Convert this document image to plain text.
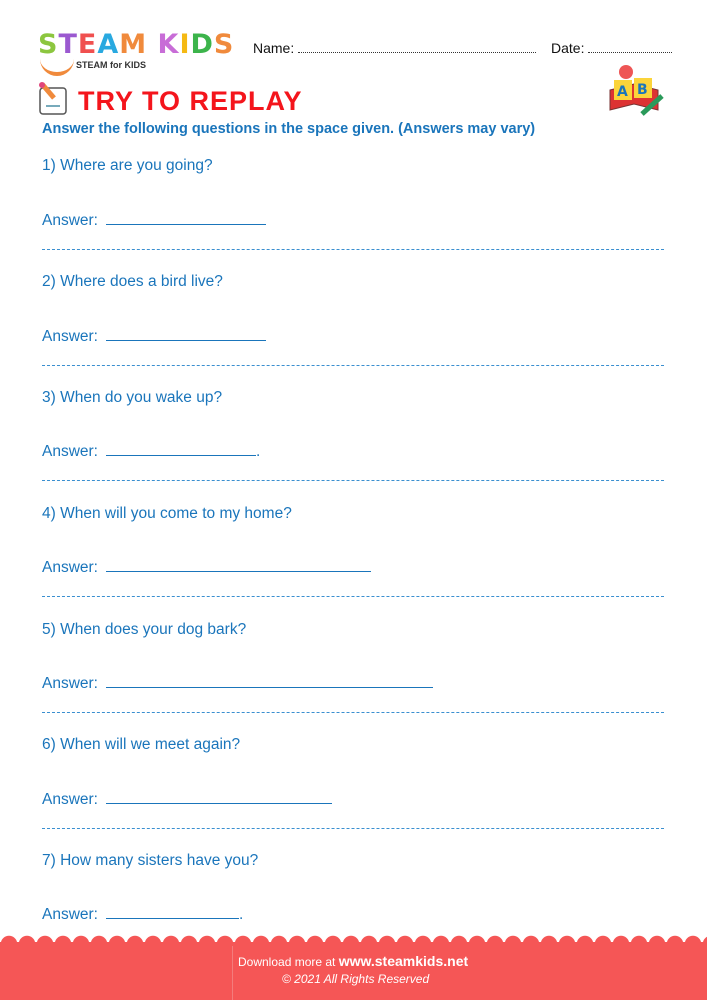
STEAM KIDS
STEAM for KIDS
Name:	Date:
A B
TRY TO REPLAY
Answer the following questions in the space given. (Answers may vary)
1) Where are you going?
Answer:
2) Where does a bird live?
Answer:
3) When do you wake up?
Answer:	.
4) When will you come to my home?
Answer:
5) When does your dog bark?
Answer:
6) When will we meet again?
Answer:
7) How many sisters have you?
Answer:	.
Download more at www.steamkids.net
© 2021 All Rights Reserved
